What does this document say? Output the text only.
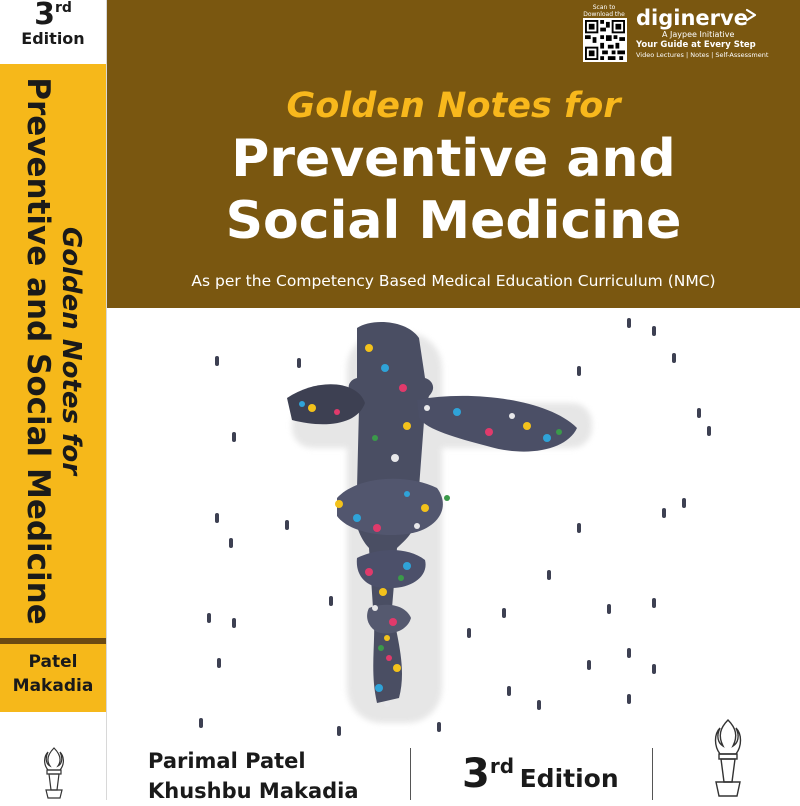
3rd
Edition
Golden Notes for
Preventive and Social Medicine
Patel
Makadia
Golden Notes for
Preventive and
Social Medicine
As per the Competency Based Medical Education Curriculum (NMC)
Scan to
Download the diginerve
A Jaypee Initiative
Your Guide at Every Step
Video Lectures | Notes | Self-Assessment
Parimal Patel
Khushbu Makadia	3rd Edition
